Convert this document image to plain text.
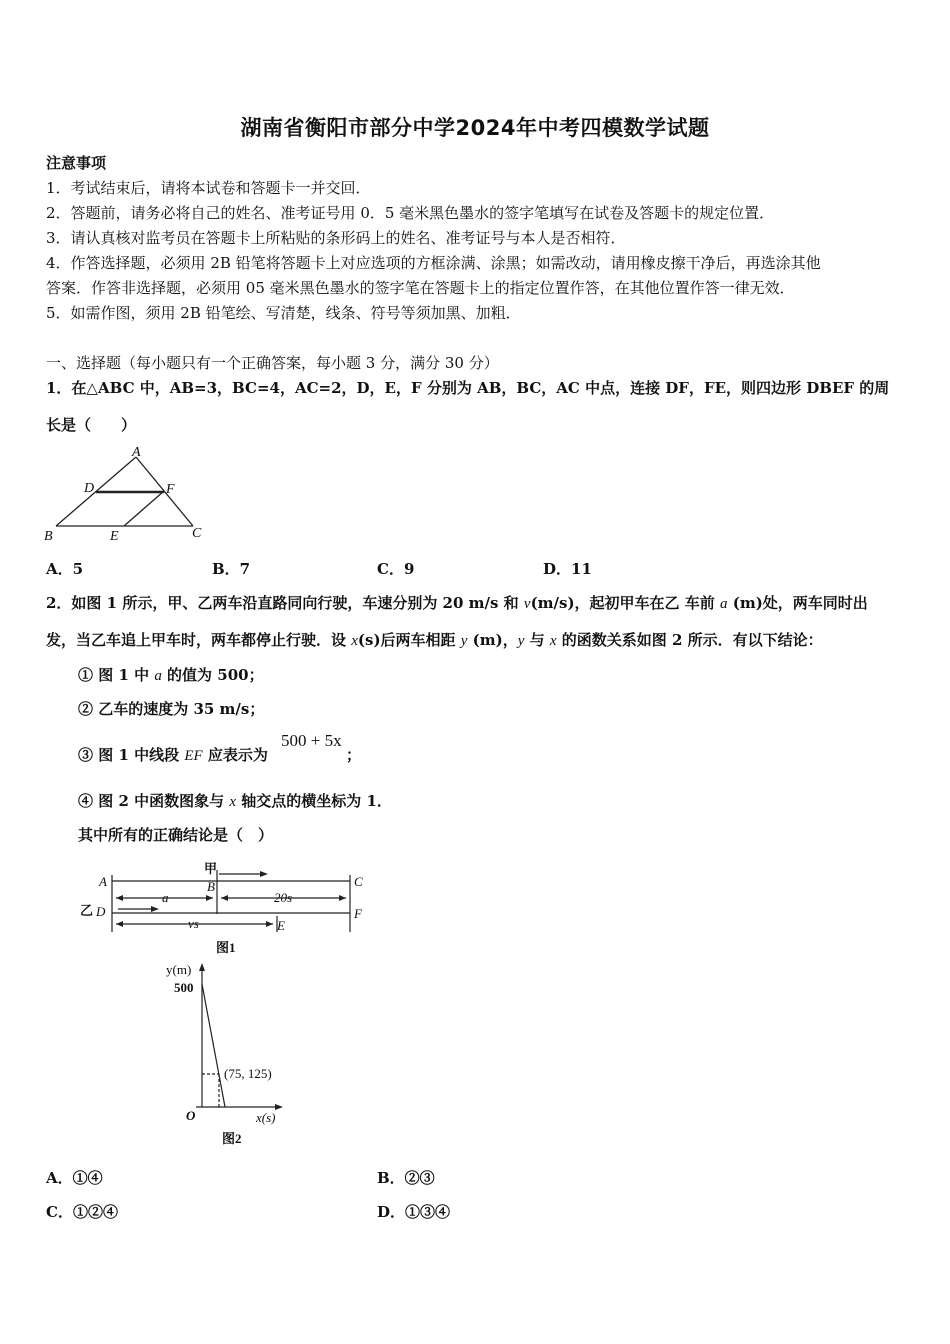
湖南省衡阳市部分中学2024年中考四模数学试题
注意事项
1．考试结束后，请将本试卷和答题卡一并交回．
2．答题前，请务必将自己的姓名、准考证号用 0．5 毫米黑色墨水的签字笔填写在试卷及答题卡的规定位置．
3．请认真核对监考员在答题卡上所粘贴的条形码上的姓名、准考证号与本人是否相符．
4．作答选择题，必须用 2B 铅笔将答题卡上对应选项的方框涂满、涂黑；如需改动，请用橡皮擦干净后，再选涂其他
答案．作答非选择题，必须用 05 毫米黑色墨水的签字笔在答题卡上的指定位置作答，在其他位置作答一律无效．
5．如需作图，须用 2B 铅笔绘、写清楚，线条、符号等须加黑、加粗．
一、选择题（每小题只有一个正确答案，每小题 3 分，满分 30 分）
1．在△ABC 中，AB=3，BC=4，AC=2，D，E，F 分别为 AB，BC，AC 中点，连接 DF，FE，则四边形 DBEF 的周
长是（　　）
A
D	F
B	E	C
A．5	B．7	C．9	D．11
2．如图 1 所示，甲、乙两车沿直路同向行驶，车速分别为 20 m/s 和 v(m/s)，起初甲车在乙 车前 a (m)处，两车同时出
发，当乙车追上甲车时，两车都停止行驶．设 x(s)后两车相距 y (m)，y 与 x 的函数关系如图 2 所示．有以下结论：
① 图 1 中 a 的值为 500；
② 乙车的速度为 35 m/s；
③ 图 1 中线段 EF 应表示为
500 + 5x
；
④ 图 2 中函数图象与 x 轴交点的横坐标为 1．
其中所有的正确结论是（　）
甲
乙
A
D
B	C
F
E
a	20s
vs
图1
y(m)
500
(75, 125)
O	x(s)
图2
A．①④	B．②③
C．①②④	D．①③④
